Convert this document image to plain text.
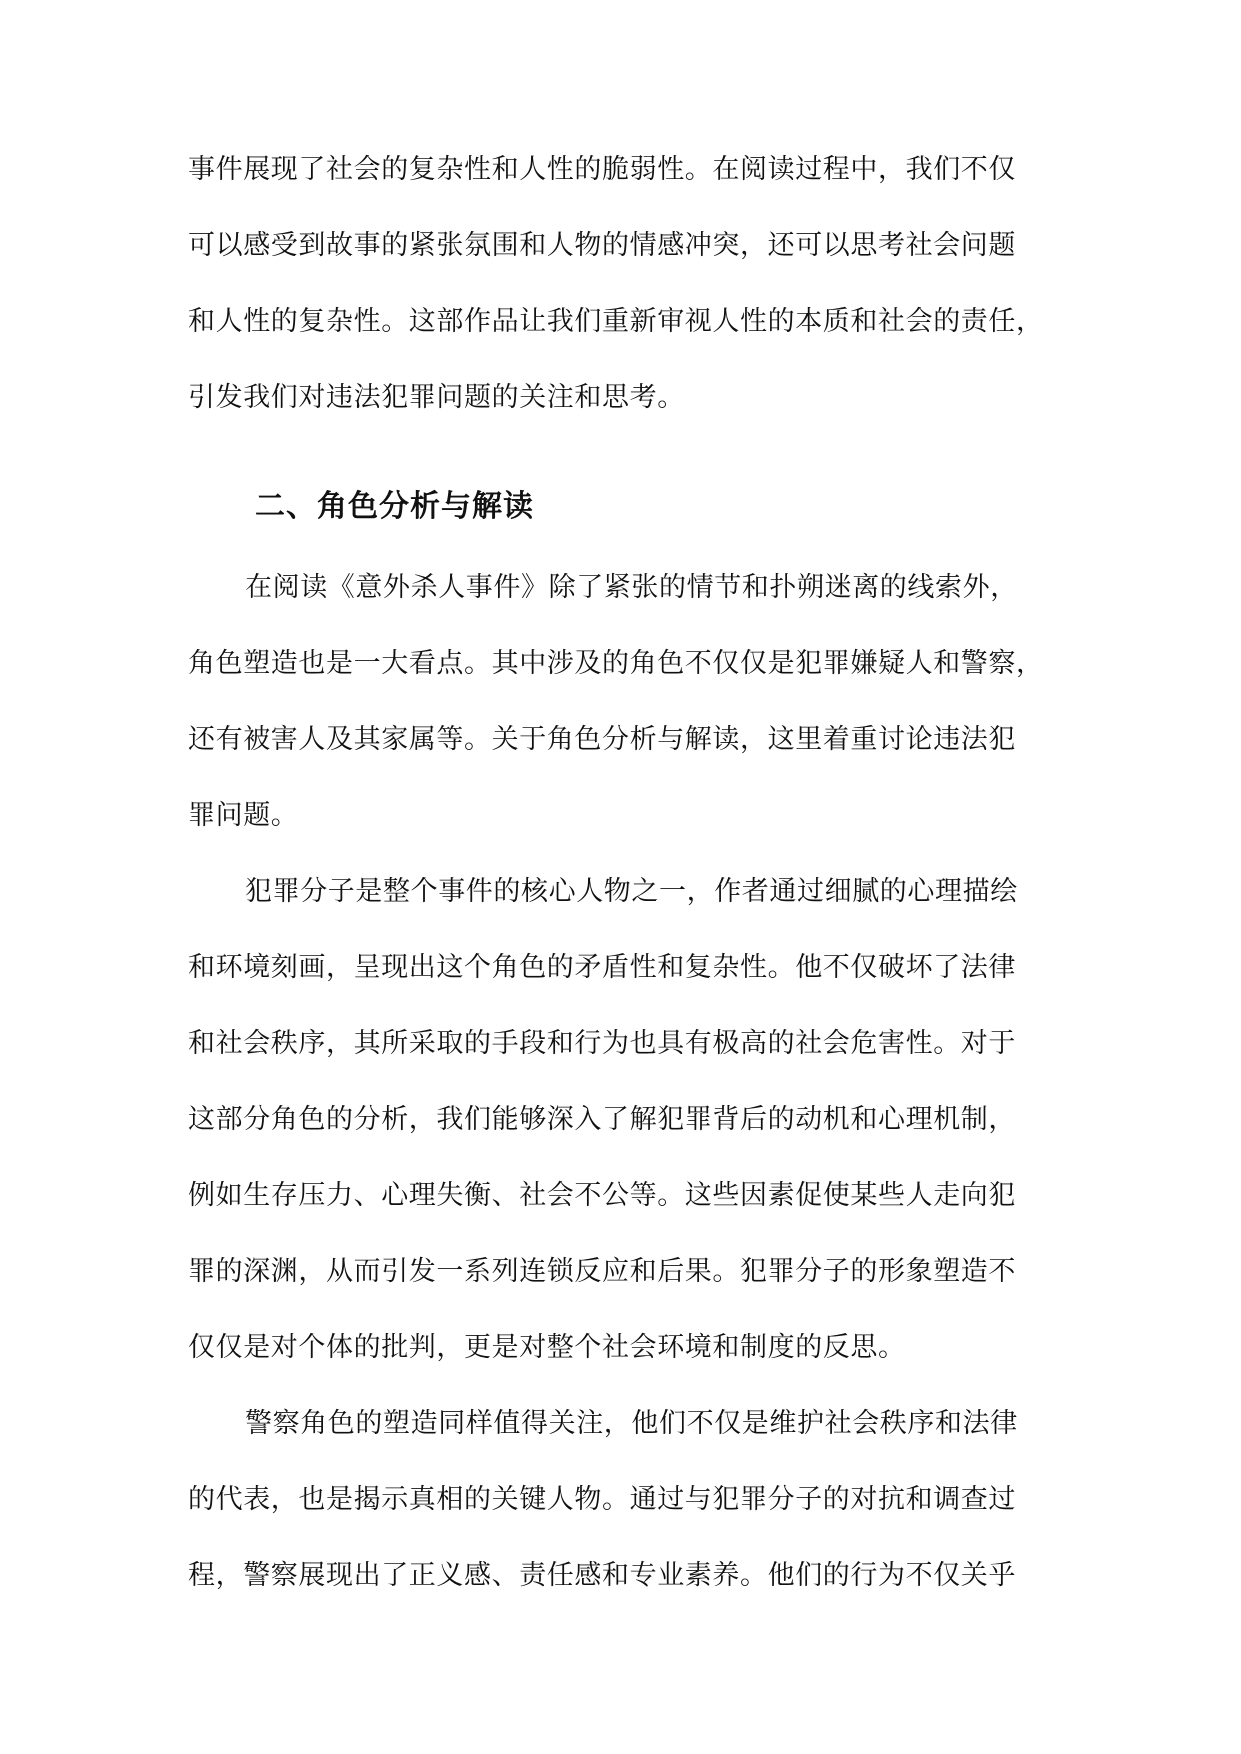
事件展现了社会的复杂性和人性的脆弱性。在阅读过程中，我们不仅
可以感受到故事的紧张氛围和人物的情感冲突，还可以思考社会问题
和人性的复杂性。这部作品让我们重新审视人性的本质和社会的责任，
引发我们对违法犯罪问题的关注和思考。
二、角色分析与解读
在阅读《意外杀人事件》除了紧张的情节和扑朔迷离的线索外，
角色塑造也是一大看点。其中涉及的角色不仅仅是犯罪嫌疑人和警察，
还有被害人及其家属等。关于角色分析与解读，这里着重讨论违法犯
罪问题。
犯罪分子是整个事件的核心人物之一，作者通过细腻的心理描绘
和环境刻画，呈现出这个角色的矛盾性和复杂性。他不仅破坏了法律
和社会秩序，其所采取的手段和行为也具有极高的社会危害性。对于
这部分角色的分析，我们能够深入了解犯罪背后的动机和心理机制，
例如生存压力、心理失衡、社会不公等。这些因素促使某些人走向犯
罪的深渊，从而引发一系列连锁反应和后果。犯罪分子的形象塑造不
仅仅是对个体的批判，更是对整个社会环境和制度的反思。
警察角色的塑造同样值得关注，他们不仅是维护社会秩序和法律
的代表，也是揭示真相的关键人物。通过与犯罪分子的对抗和调查过
程，警察展现出了正义感、责任感和专业素养。他们的行为不仅关乎
